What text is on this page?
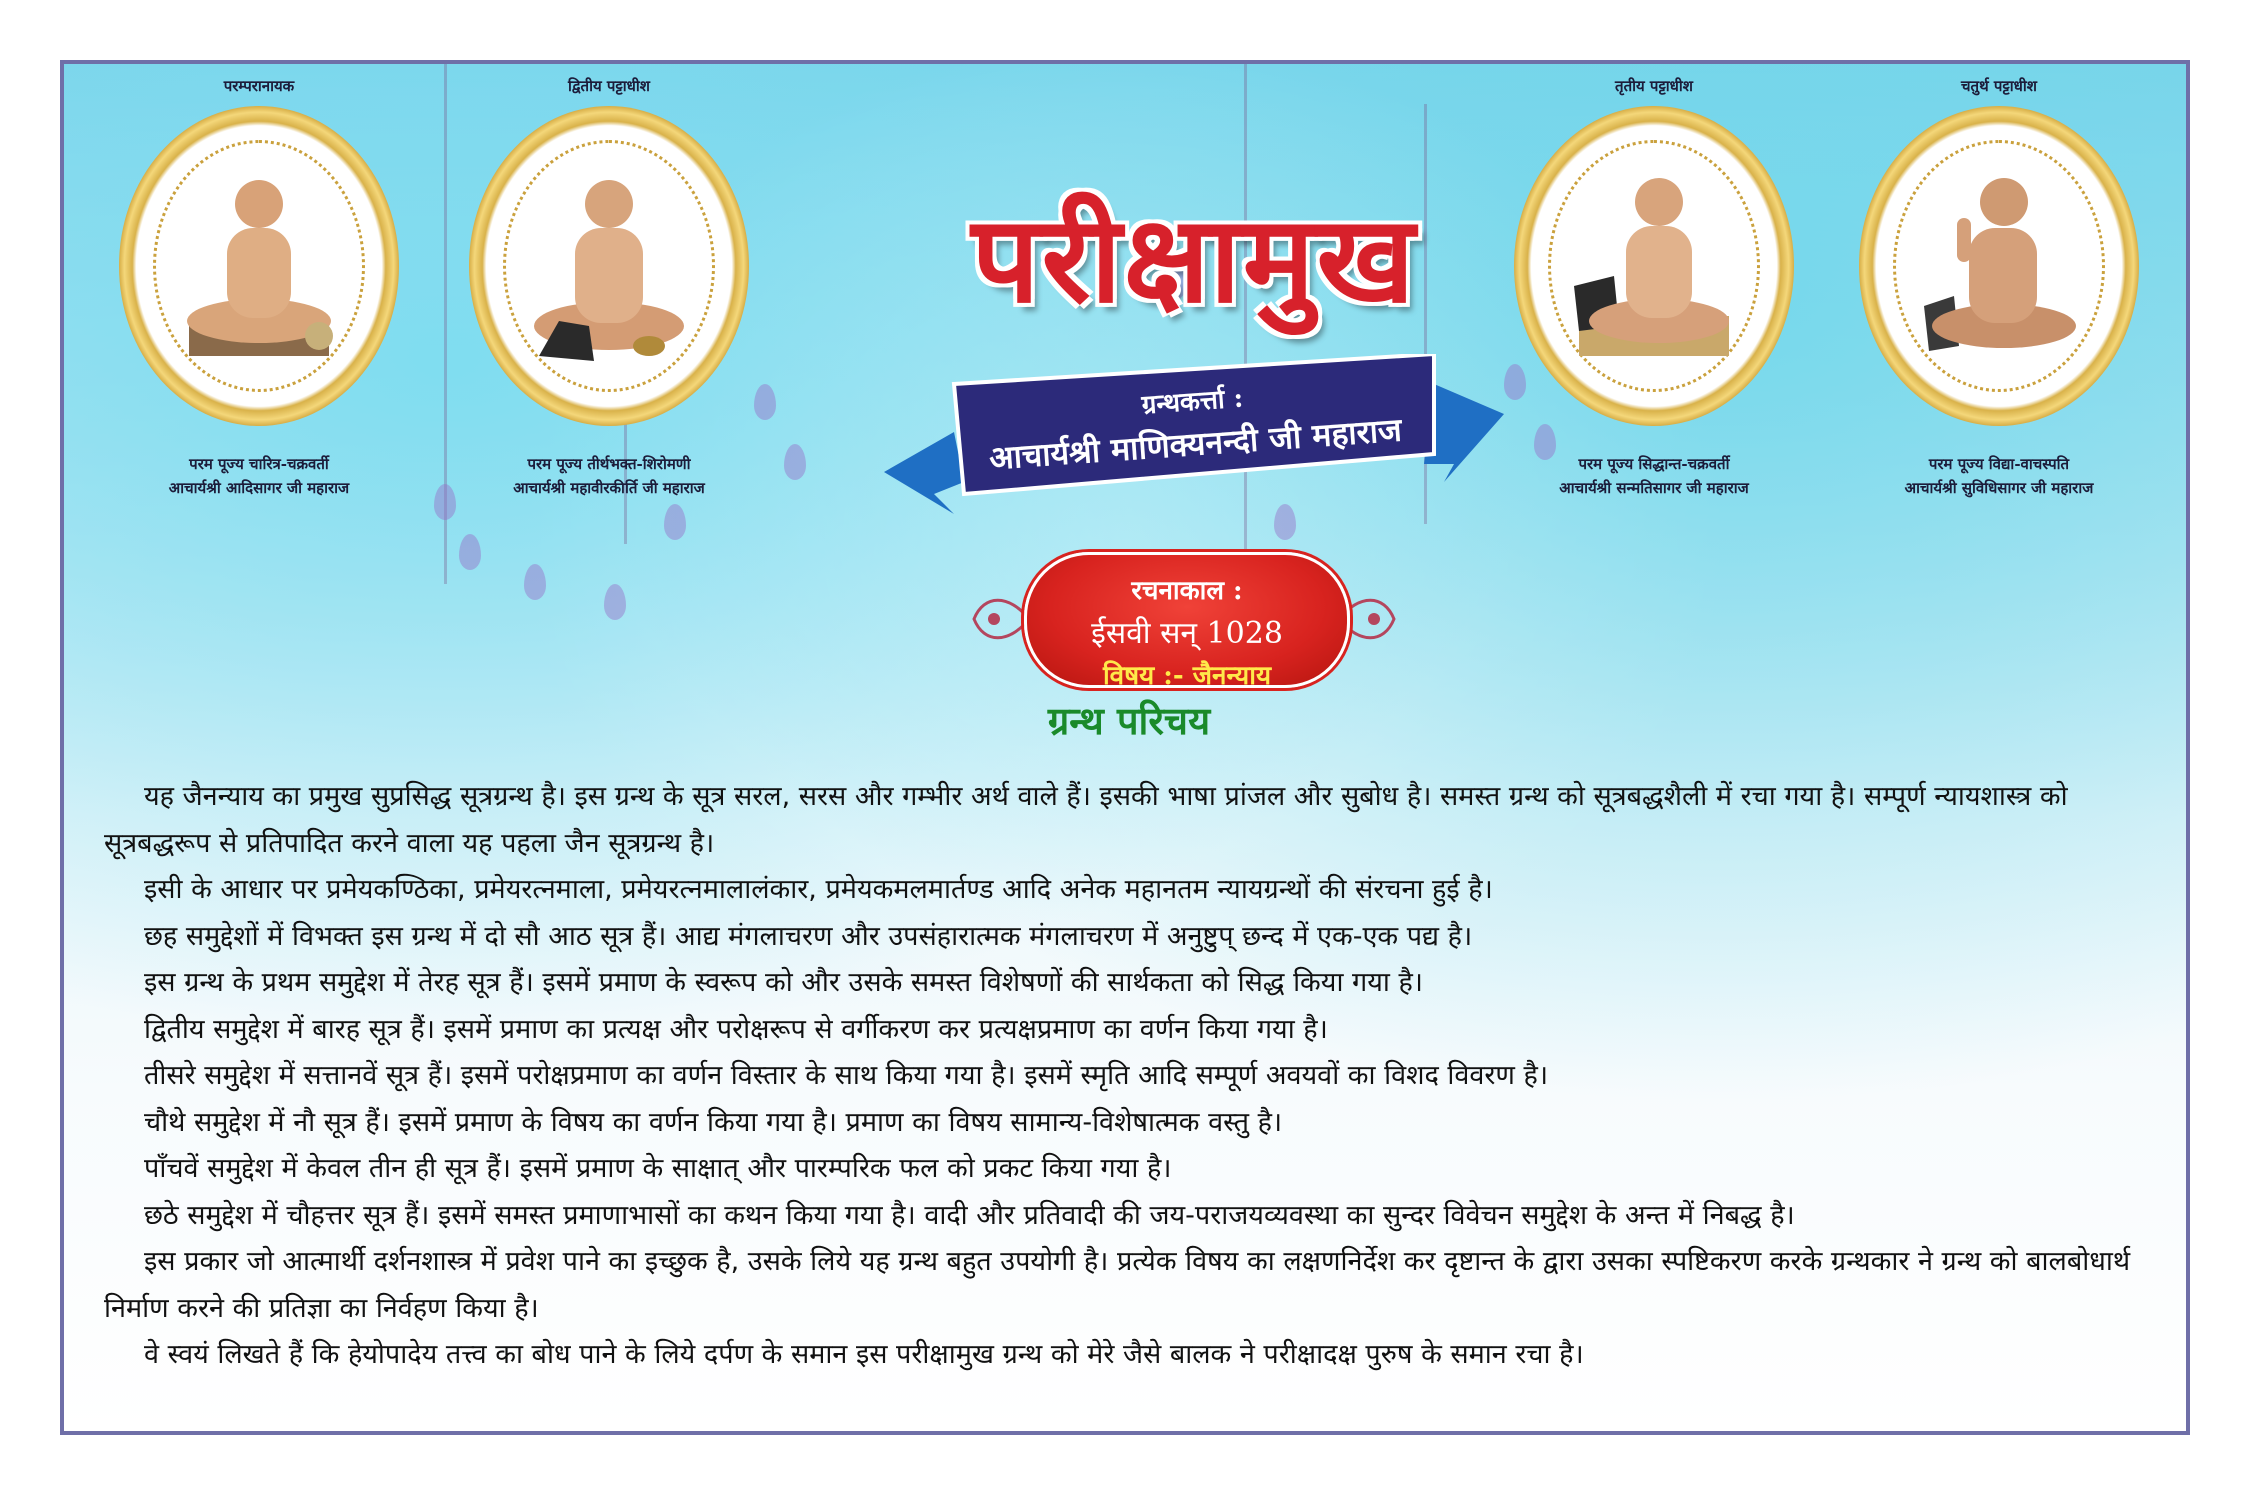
परम्परानायक
परम पूज्य चारित्र-चक्रवर्ती
आचार्यश्री आदिसागर जी महाराज
द्वितीय पट्टाधीश
परम पूज्य तीर्थभक्त-शिरोमणी
आचार्यश्री महावीरकीर्ति जी महाराज
तृतीय पट्टाधीश
परम पूज्य सिद्धान्त-चक्रवर्ती
आचार्यश्री सन्मतिसागर जी महाराज
चतुर्थ पट्टाधीश
परम पूज्य विद्या-वाचस्पति
आचार्यश्री सुविधिसागर जी महाराज
परीक्षामुख
ग्रन्थकर्त्ता :
आचार्यश्री माणिक्यनन्दी जी महाराज
रचनाकाल :
ईसवी सन् 1028
विषय :- जैनन्याय
ग्रन्थ परिचय

यह जैनन्याय का प्रमुख सुप्रसिद्ध सूत्रग्रन्थ है। इस ग्रन्थ के सूत्र सरल, सरस और गम्भीर अर्थ वाले हैं। इसकी भाषा प्रांजल और सुबोध है। समस्त ग्रन्थ को सूत्रबद्धशैली में रचा गया है। सम्पूर्ण न्यायशास्त्र को सूत्रबद्धरूप से प्रतिपादित करने वाला यह पहला जैन सूत्रग्रन्थ है।

इसी के आधार पर प्रमेयकण्ठिका, प्रमेयरत्नमाला, प्रमेयरत्नमालालंकार, प्रमेयकमलमार्तण्ड आदि अनेक महानतम न्यायग्रन्थों की संरचना हुई है।

छह समुद्देशों में विभक्त इस ग्रन्थ में दो सौ आठ सूत्र हैं। आद्य मंगलाचरण और उपसंहारात्मक मंगलाचरण में अनुष्टुप् छन्द में एक-एक पद्य है।

इस ग्रन्थ के प्रथम समुद्देश में तेरह सूत्र हैं। इसमें प्रमाण के स्वरूप को और उसके समस्त विशेषणों की सार्थकता को सिद्ध किया गया है।

द्वितीय समुद्देश में बारह सूत्र हैं। इसमें प्रमाण का प्रत्यक्ष और परोक्षरूप से वर्गीकरण कर प्रत्यक्षप्रमाण का वर्णन किया गया है।

तीसरे समुद्देश में सत्तानवें सूत्र हैं। इसमें परोक्षप्रमाण का वर्णन विस्तार के साथ किया गया है। इसमें स्मृति आदि सम्पूर्ण अवयवों का विशद विवरण है।

चौथे समुद्देश में नौ सूत्र हैं। इसमें प्रमाण के विषय का वर्णन किया गया है। प्रमाण का विषय सामान्य-विशेषात्मक वस्तु है।

पाँचवें समुद्देश में केवल तीन ही सूत्र हैं। इसमें प्रमाण के साक्षात् और पारम्परिक फल को प्रकट किया गया है।

छठे समुद्देश में चौहत्तर सूत्र हैं। इसमें समस्त प्रमाणाभासों का कथन किया गया है। वादी और प्रतिवादी की जय-पराजयव्यवस्था का सुन्दर विवेचन समुद्देश के अन्त में निबद्ध है।

इस प्रकार जो आत्मार्थी दर्शनशास्त्र में प्रवेश पाने का इच्छुक है, उसके लिये यह ग्रन्थ बहुत उपयोगी है। प्रत्येक विषय का लक्षणनिर्देश कर दृष्टान्त के द्वारा उसका स्पष्टिकरण करके ग्रन्थकार ने ग्रन्थ को बालबोधार्थ निर्माण करने की प्रतिज्ञा का निर्वहण किया है।

वे स्वयं लिखते हैं कि हेयोपादेय तत्त्व का बोध पाने के लिये दर्पण के समान इस परीक्षामुख ग्रन्थ को मेरे जैसे बालक ने परीक्षादक्ष पुरुष के समान रचा है।
